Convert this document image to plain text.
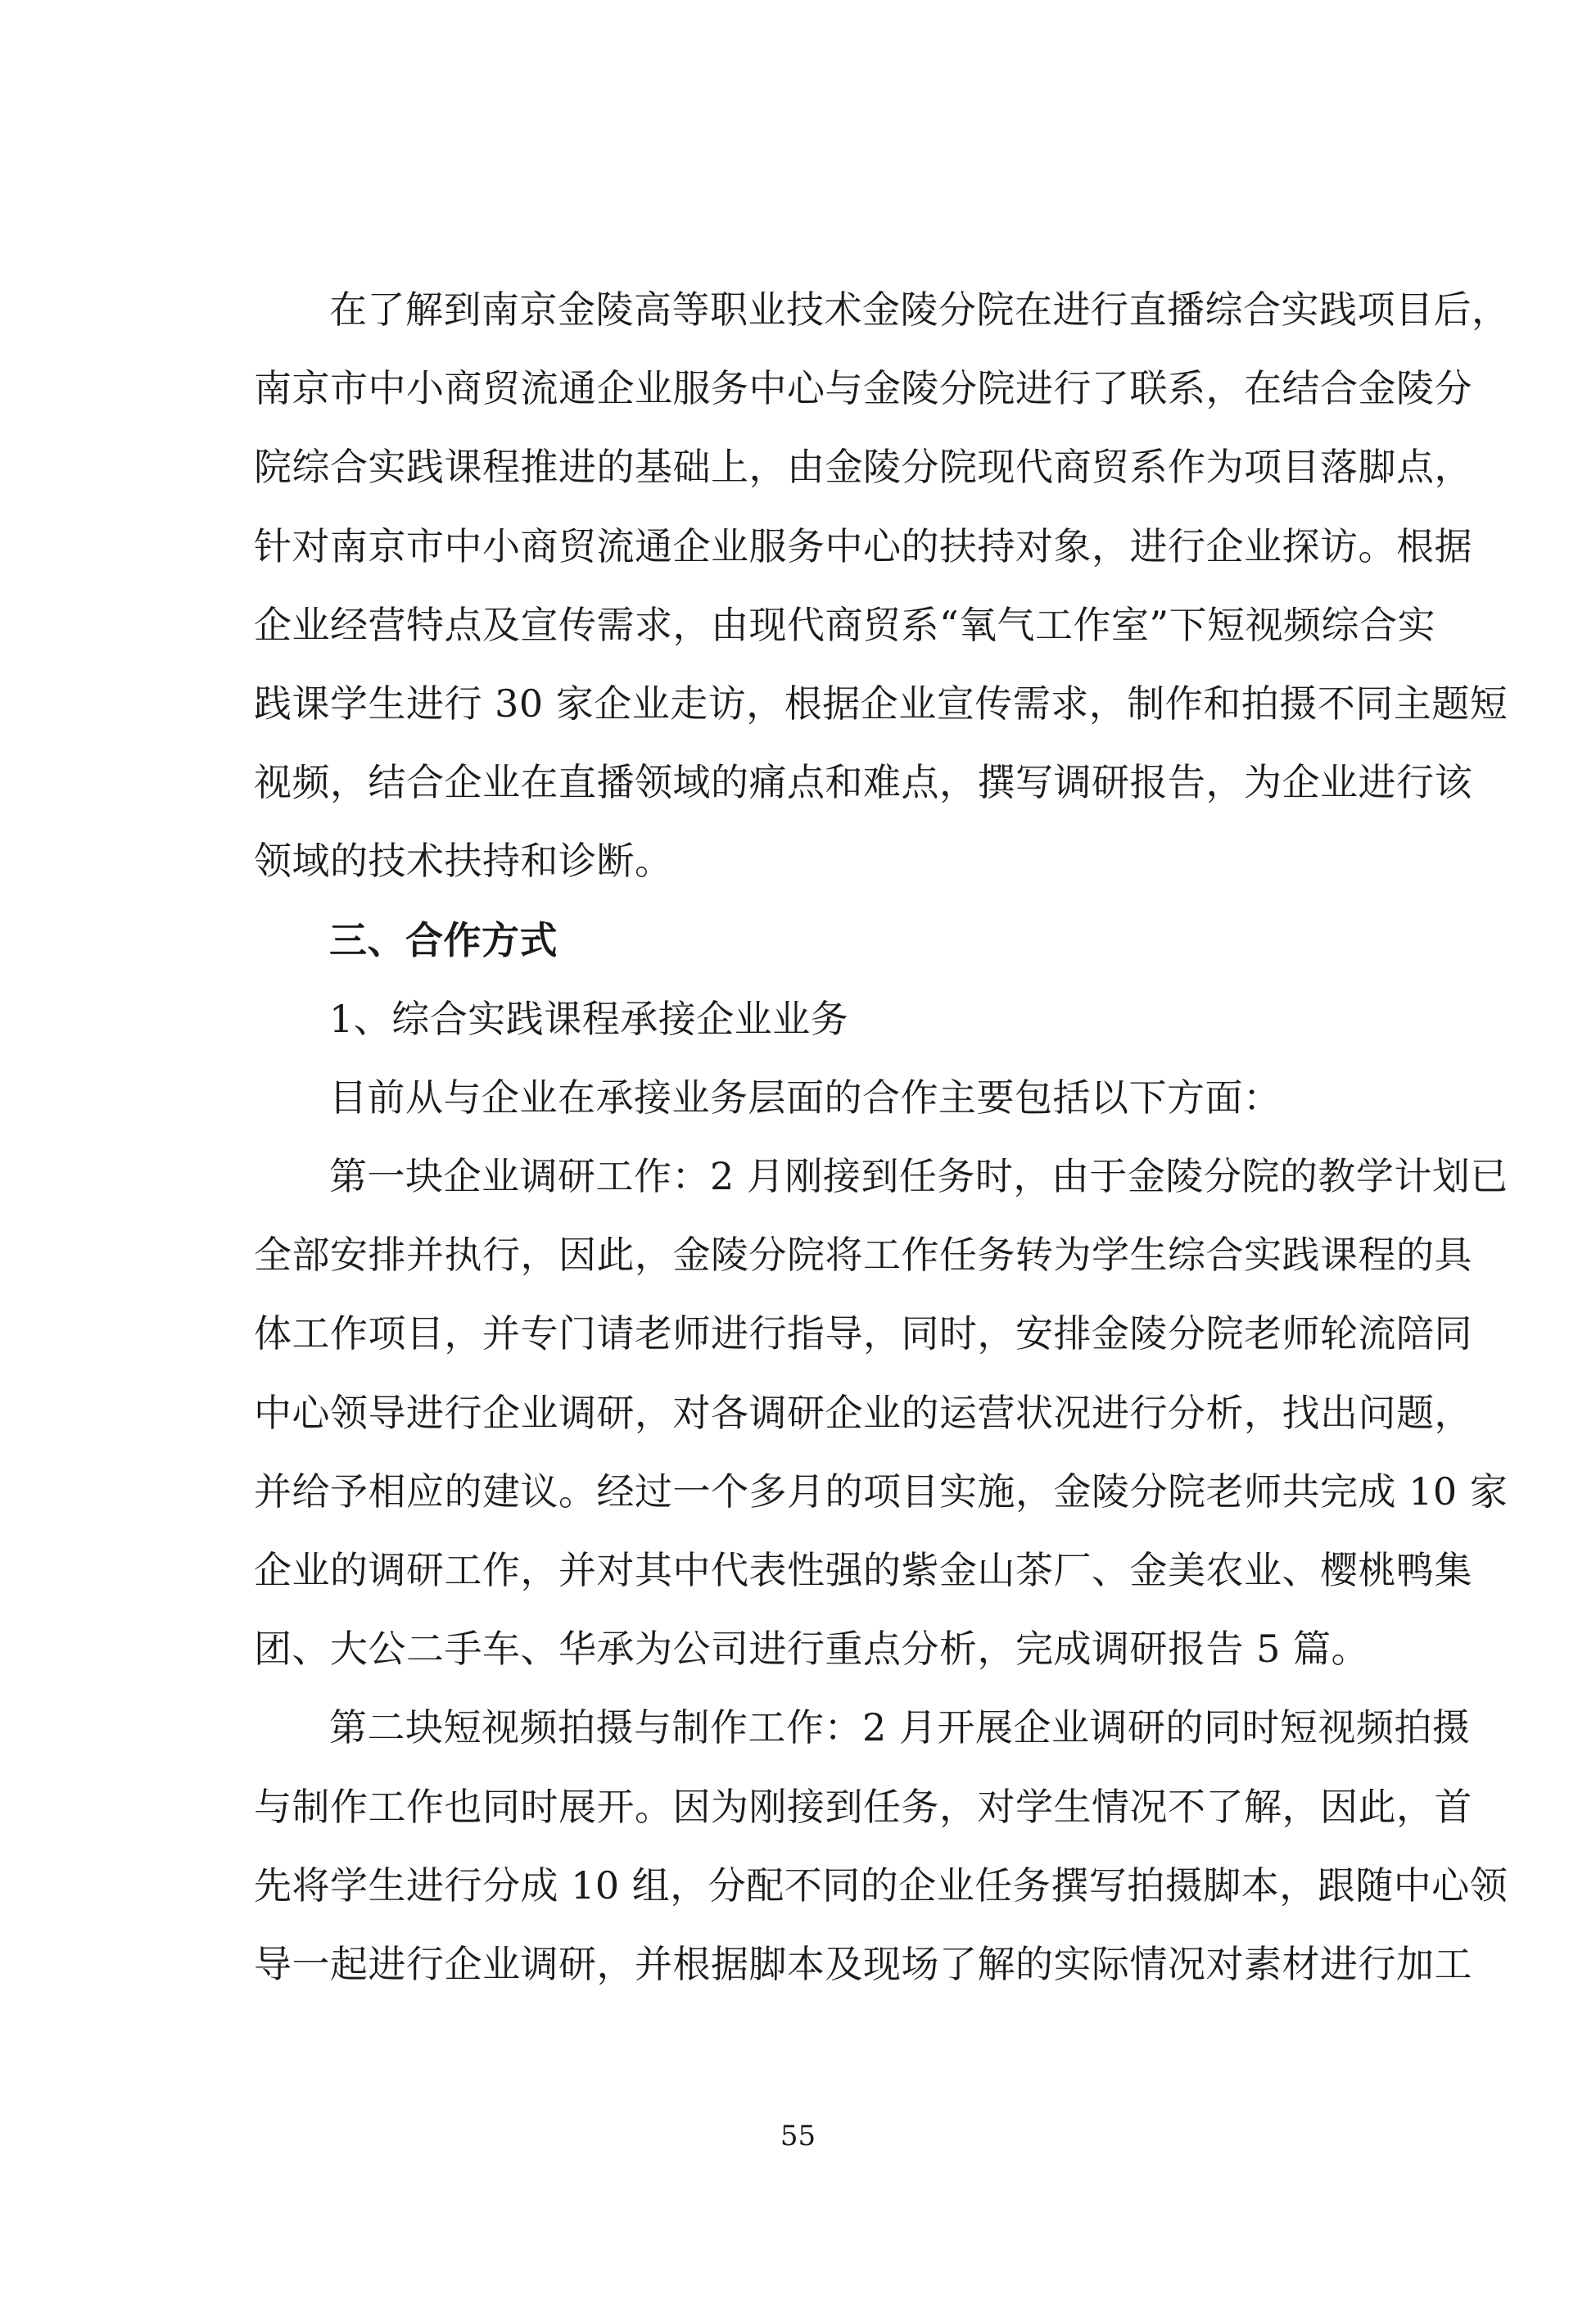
在了解到南京金陵高等职业技术金陵分院在进行直播综合实践项目后，
南京市中小商贸流通企业服务中心与金陵分院进行了联系，在结合金陵分
院综合实践课程推进的基础上，由金陵分院现代商贸系作为项目落脚点，
针对南京市中小商贸流通企业服务中心的扶持对象，进行企业探访。根据
企业经营特点及宣传需求，由现代商贸系“氧气工作室”下短视频综合实
践课学生进行 30 家企业走访，根据企业宣传需求，制作和拍摄不同主题短
视频，结合企业在直播领域的痛点和难点，撰写调研报告，为企业进行该
领域的技术扶持和诊断。
三、合作方式
1、综合实践课程承接企业业务
目前从与企业在承接业务层面的合作主要包括以下方面：
第一块企业调研工作：2 月刚接到任务时，由于金陵分院的教学计划已
全部安排并执行，因此，金陵分院将工作任务转为学生综合实践课程的具
体工作项目，并专门请老师进行指导，同时，安排金陵分院老师轮流陪同
中心领导进行企业调研，对各调研企业的运营状况进行分析，找出问题，
并给予相应的建议。经过一个多月的项目实施，金陵分院老师共完成 10 家
企业的调研工作，并对其中代表性强的紫金山茶厂、金美农业、樱桃鸭集
团、大公二手车、华承为公司进行重点分析，完成调研报告 5 篇。
第二块短视频拍摄与制作工作：2 月开展企业调研的同时短视频拍摄
与制作工作也同时展开。因为刚接到任务，对学生情况不了解，因此，首
先将学生进行分成 10 组，分配不同的企业任务撰写拍摄脚本，跟随中心领
导一起进行企业调研，并根据脚本及现场了解的实际情况对素材进行加工
55
